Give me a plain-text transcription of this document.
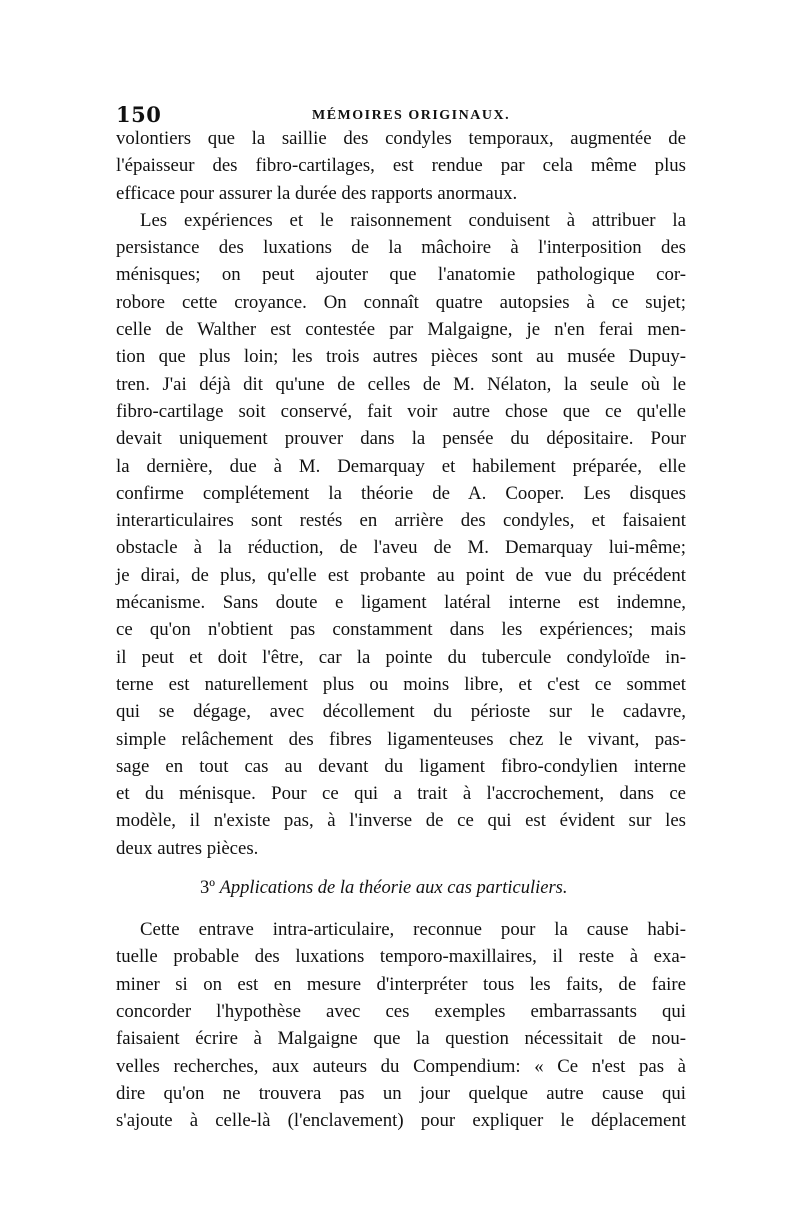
150	MÉMOIRES ORIGINAUX.
volontiers que la saillie des condyles temporaux, augmentée de
l'épaisseur des fibro-cartilages, est rendue par cela même plus
efficace pour assurer la durée des rapports anormaux.
Les expériences et le raisonnement conduisent à attribuer la
persistance des luxations de la mâchoire à l'interposition des
ménisques; on peut ajouter que l'anatomie pathologique cor-
robore cette croyance. On connaît quatre autopsies à ce sujet;
celle de Walther est contestée par Malgaigne, je n'en ferai men-
tion que plus loin; les trois autres pièces sont au musée Dupuy-
tren. J'ai déjà dit qu'une de celles de M. Nélaton, la seule où le
fibro-cartilage soit conservé, fait voir autre chose que ce qu'elle
devait uniquement prouver dans la pensée du dépositaire. Pour
la dernière, due à M. Demarquay et habilement préparée, elle
confirme complétement la théorie de A. Cooper. Les disques
interarticulaires sont restés en arrière des condyles, et faisaient
obstacle à la réduction, de l'aveu de M. Demarquay lui-même;
je dirai, de plus, qu'elle est probante au point de vue du précédent
mécanisme. Sans doute e ligament latéral interne est indemne,
ce qu'on n'obtient pas constamment dans les expériences; mais
il peut et doit l'être, car la pointe du tubercule condyloïde in-
terne est naturellement plus ou moins libre, et c'est ce sommet
qui se dégage, avec décollement du périoste sur le cadavre,
simple relâchement des fibres ligamenteuses chez le vivant, pas-
sage en tout cas au devant du ligament fibro-condylien interne
et du ménisque. Pour ce qui a trait à l'accrochement, dans ce
modèle, il n'existe pas, à l'inverse de ce qui est évident sur les
deux autres pièces.
3º Applications de la théorie aux cas particuliers.
Cette entrave intra-articulaire, reconnue pour la cause habi-
tuelle probable des luxations temporo-maxillaires, il reste à exa-
miner si on est en mesure d'interpréter tous les faits, de faire
concorder l'hypothèse avec ces exemples embarrassants qui
faisaient écrire à Malgaigne que la question nécessitait de nou-
velles recherches, aux auteurs du Compendium: « Ce n'est pas à
dire qu'on ne trouvera pas un jour quelque autre cause qui
s'ajoute à celle-là (l'enclavement) pour expliquer le déplacement
